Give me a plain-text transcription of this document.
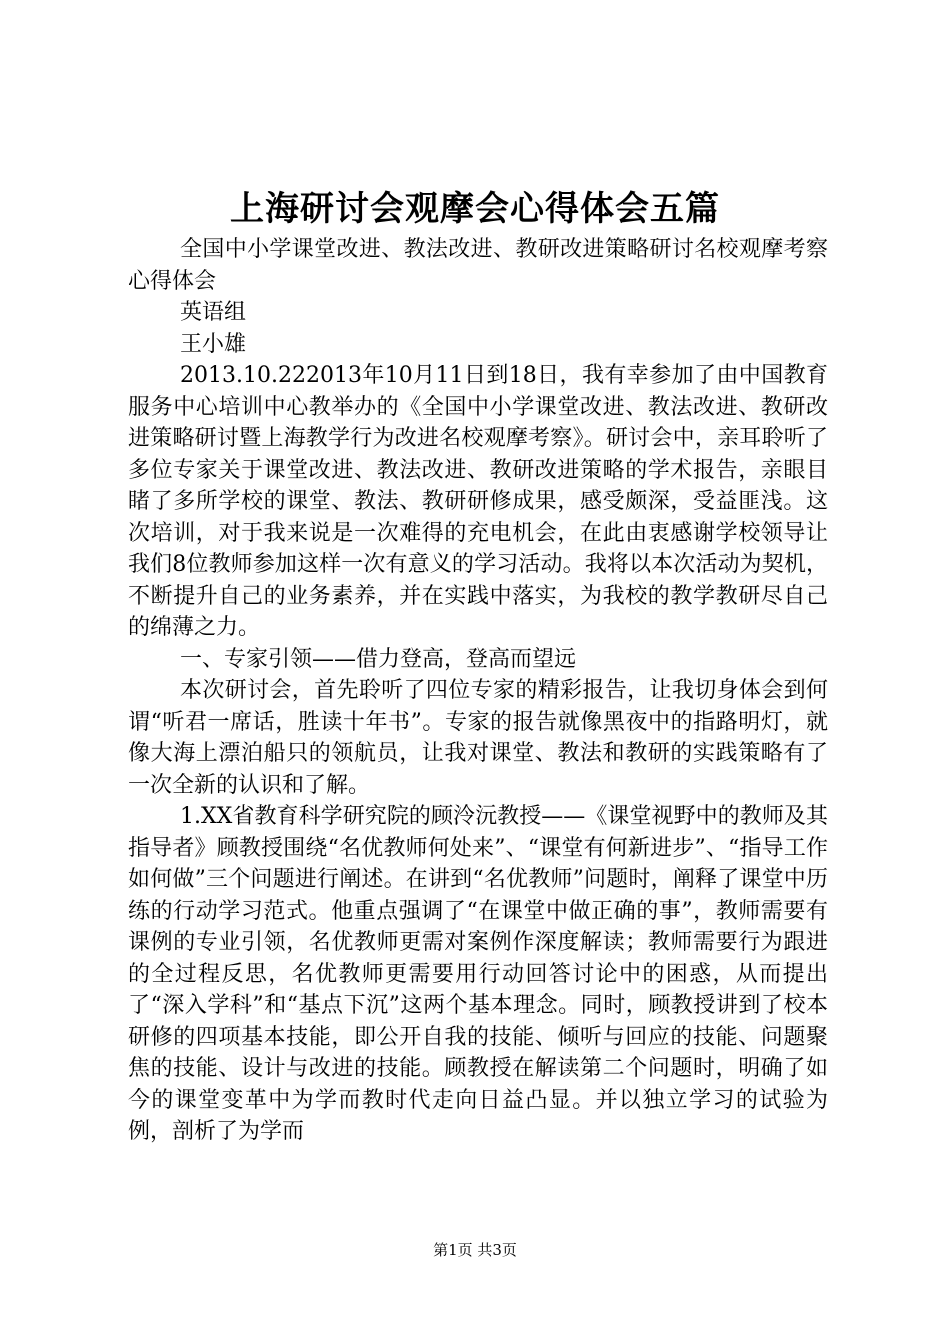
上海研讨会观摩会心得体会五篇

全国中小学课堂改进、教法改进、教研改进策略研讨名校观摩考察心得体会

英语组

王小雄

2013.10.222013年10月11日到18日，我有幸参加了由中国教育服务中心培训中心教举办的《全国中小学课堂改进、教法改进、教研改进策略研讨暨上海教学行为改进名校观摩考察》。研讨会中，亲耳聆听了多位专家关于课堂改进、教法改进、教研改进策略的学术报告，亲眼目睹了多所学校的课堂、教法、教研研修成果，感受颇深，受益匪浅。这次培训，对于我来说是一次难得的充电机会，在此由衷感谢学校领导让我们8位教师参加这样一次有意义的学习活动。我将以本次活动为契机，不断提升自己的业务素养，并在实践中落实，为我校的教学教研尽自己的绵薄之力。

一、专家引领——借力登高，登高而望远

本次研讨会，首先聆听了四位专家的精彩报告，让我切身体会到何谓“听君一席话，胜读十年书”。专家的报告就像黑夜中的指路明灯，就像大海上漂泊船只的领航员，让我对课堂、教法和教研的实践策略有了一次全新的认识和了解。

1.XX省教育科学研究院的顾泠沅教授——《课堂视野中的教师及其指导者》顾教授围绕“名优教师何处来”、“课堂有何新进步”、“指导工作如何做”三个问题进行阐述。在讲到“名优教师”问题时，阐释了课堂中历练的行动学习范式。他重点强调了“在课堂中做正确的事”，教师需要有课例的专业引领，名优教师更需对案例作深度解读；教师需要行为跟进的全过程反思，名优教师更需要用行动回答讨论中的困惑，从而提出了“深入学科”和“基点下沉”这两个基本理念。同时，顾教授讲到了校本研修的四项基本技能，即公开自我的技能、倾听与回应的技能、问题聚焦的技能、设计与改进的技能。顾教授在解读第二个问题时，明确了如今的课堂变革中为学而教时代走向日益凸显。并以独立学习的试验为例，剖析了为学而

第1页 共3页
